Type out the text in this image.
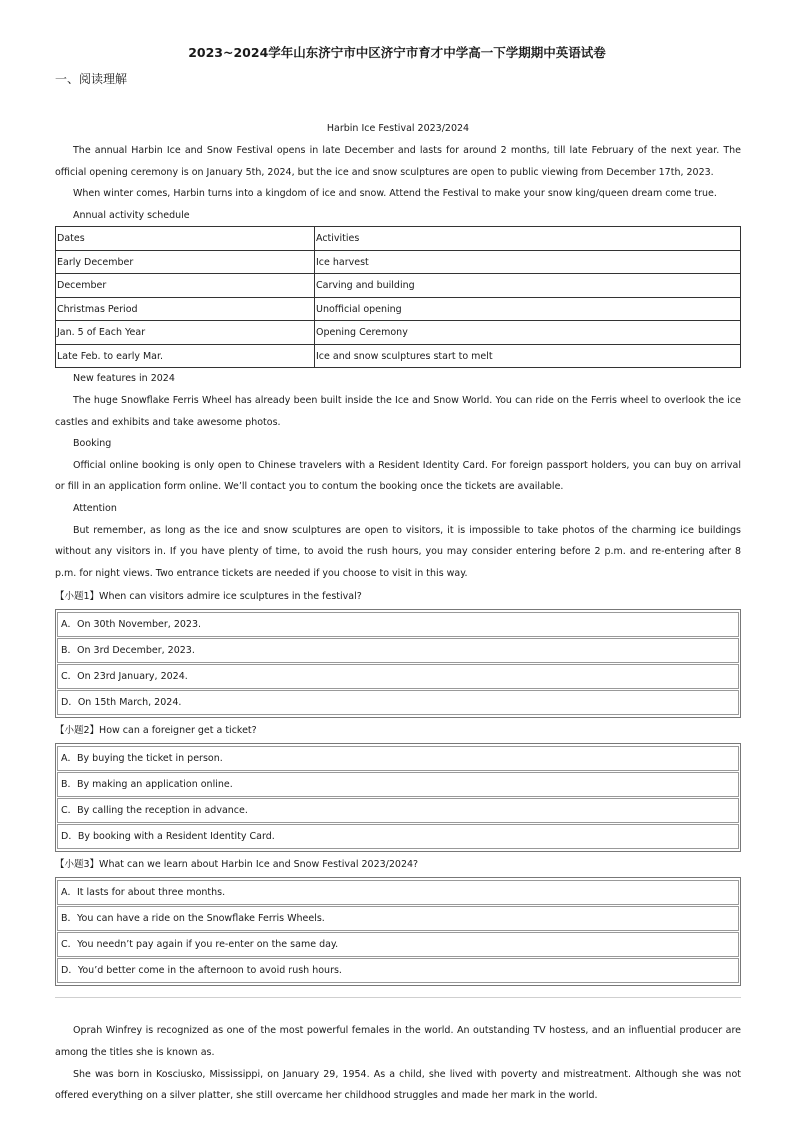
2023~2024学年山东济宁市中区济宁市育才中学高一下学期期中英语试卷
一、阅读理解
Harbin Ice Festival 2023/2024

The annual Harbin Ice and Snow Festival opens in late December and lasts for around 2 months, till late February of the next year. The official opening ceremony is on January 5th, 2024, but the ice and snow sculptures are open to public viewing from December 17th, 2023.

When winter comes, Harbin turns into a kingdom of ice and snow. Attend the Festival to make your snow king/queen dream come true.

Annual activity schedule

Dates	Activities
Early December	Ice harvest
December	Carving and building
Christmas Period	Unofficial opening
Jan. 5 of Each Year	Opening Ceremony
Late Feb. to early Mar.	Ice and snow sculptures start to melt

New features in 2024

The huge Snowflake Ferris Wheel has already been built inside the Ice and Snow World. You can ride on the Ferris wheel to overlook the ice castles and exhibits and take awesome photos.

Booking

Official online booking is only open to Chinese travelers with a Resident Identity Card. For foreign passport holders, you can buy on arrival or fill in an application form online. We’ll contact you to contum the booking once the tickets are available.

Attention

But remember, as long as the ice and snow sculptures are open to visitors, it is impossible to take photos of the charming ice buildings without any visitors in. If you have plenty of time, to avoid the rush hours, you may consider entering before 2 p.m. and re-entering after 8 p.m. for night views. Two entrance tickets are needed if you choose to visit in this way.

【小题1】When can visitors admire ice sculptures in the festival?
A．On 30th November, 2023.
B．On 3rd December, 2023.
C．On 23rd January, 2024.
D．On 15th March, 2024.
【小题2】How can a foreigner get a ticket?
A．By buying the ticket in person.
B．By making an application online.
C．By calling the reception in advance.
D．By booking with a Resident Identity Card.
【小题3】What can we learn about Harbin Ice and Snow Festival 2023/2024?
A．It lasts for about three months.
B．You can have a ride on the Snowflake Ferris Wheels.
C．You needn’t pay again if you re-enter on the same day.
D．You’d better come in the afternoon to avoid rush hours.

Oprah Winfrey is recognized as one of the most powerful females in the world. An outstanding TV hostess, and an influential producer are among the titles she is known as.

She was born in Kosciusko, Mississippi, on January 29, 1954. As a child, she lived with poverty and mistreatment. Although she was not offered everything on a silver platter, she still overcame her childhood struggles and made her mark in the world.
